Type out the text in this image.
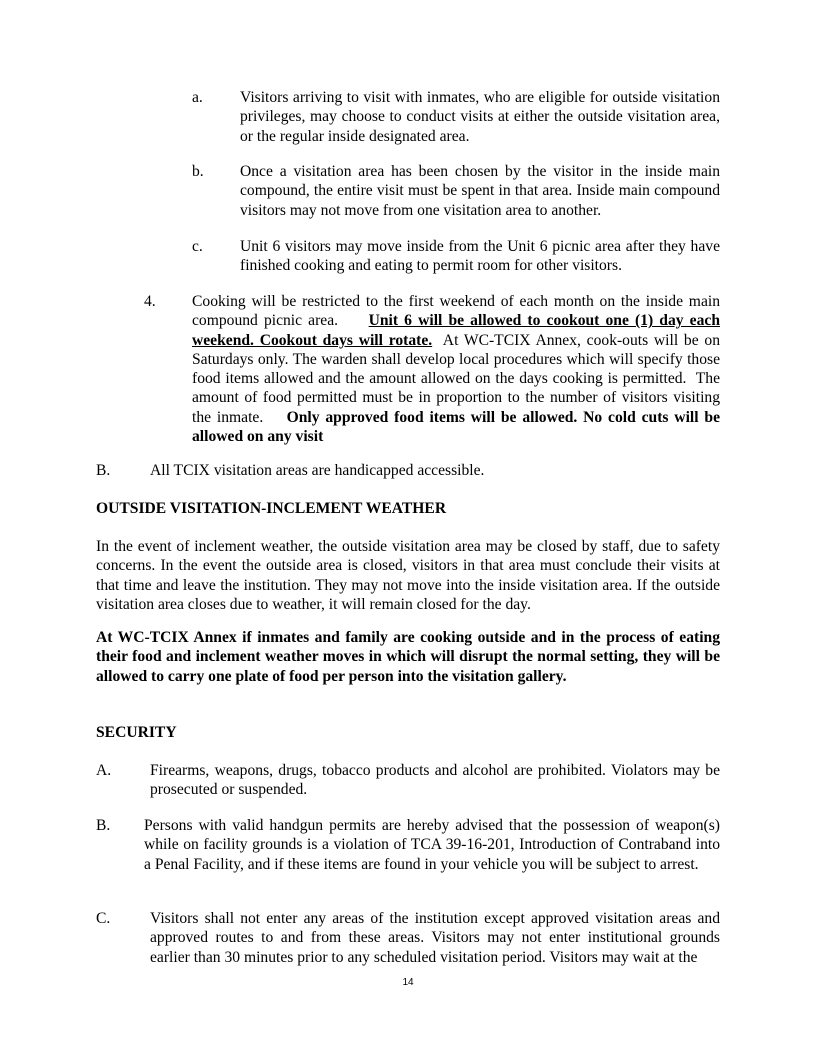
a. Visitors arriving to visit with inmates, who are eligible for outside visitation privileges, may choose to conduct visits at either the outside visitation area, or the regular inside designated area.

b. Once a visitation area has been chosen by the visitor in the inside main compound, the entire visit must be spent in that area. Inside main compound visitors may not move from one visitation area to another.

c. Unit 6 visitors may move inside from the Unit 6 picnic area after they have finished cooking and eating to permit room for other visitors.

4. Cooking will be restricted to the first weekend of each month on the inside main compound picnic area.     Unit 6 will be allowed to cookout one (1) day each weekend. Cookout days will rotate.  At WC-TCIX Annex, cook-outs will be on Saturdays only. The warden shall develop local procedures which will specify those food items allowed and the amount allowed on the days cooking is permitted.  The amount of food permitted must be in proportion to the number of visitors visiting the inmate.    Only approved food items will be allowed. No cold cuts will be allowed on any visit

B.	All TCIX visitation areas are handicapped accessible.

OUTSIDE VISITATION-INCLEMENT WEATHER

In the event of inclement weather, the outside visitation area may be closed by staff, due to safety concerns. In the event the outside area is closed, visitors in that area must conclude their visits at that time and leave the institution. They may not move into the inside visitation area. If the outside visitation area closes due to weather, it will remain closed for the day.

At WC-TCIX Annex if inmates and family are cooking outside and in the process of eating their food and inclement weather moves in which will disrupt the normal setting, they will be allowed to carry one plate of food per person into the visitation gallery.

SECURITY

A. Firearms, weapons, drugs, tobacco products and alcohol are prohibited. Violators may be prosecuted or suspended.

B. Persons with valid handgun permits are hereby advised that the possession of weapon(s) while on facility grounds is a violation of TCA 39-16-201, Introduction of Contraband into a Penal Facility, and if these items are found in your vehicle you will be subject to arrest.

C.	Visitors shall not enter any areas of the institution except approved visitation areas and approved routes to and from these areas. Visitors may not enter institutional grounds earlier than 30 minutes prior to any scheduled visitation period. Visitors may wait at the

14
